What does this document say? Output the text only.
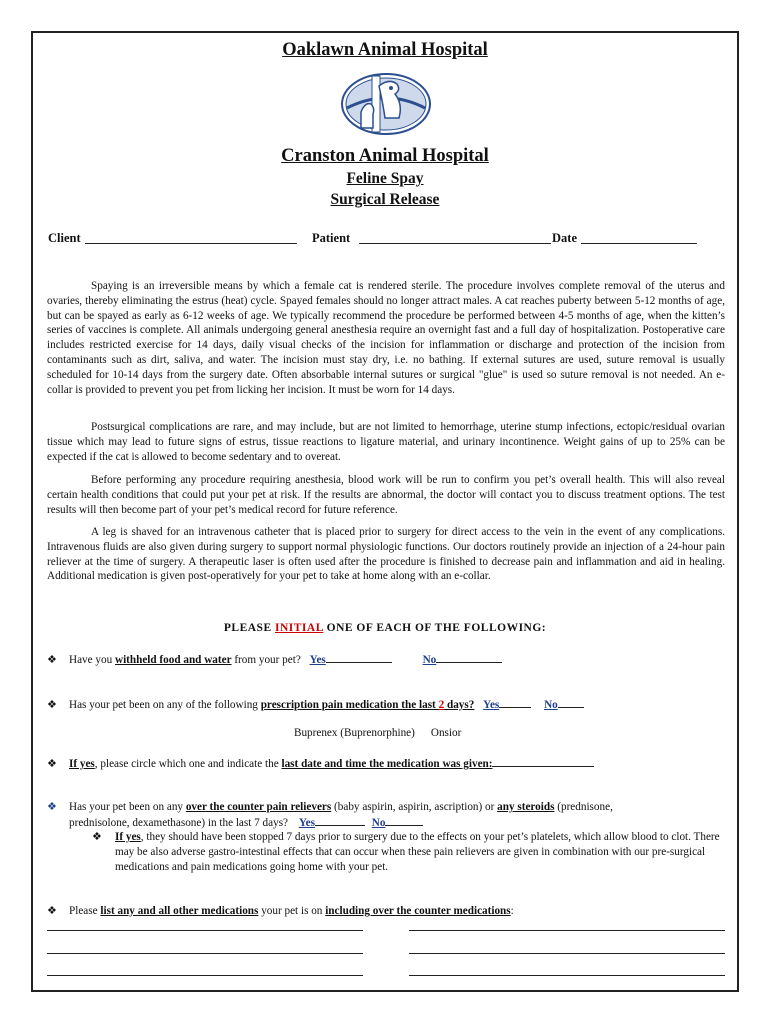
Oaklawn Animal Hospital
Cranston Animal Hospital
Feline Spay
Surgical Release
Client	Patient	Date

Spaying is an irreversible means by which a female cat is rendered sterile. The procedure involves complete removal of the uterus and ovaries, thereby eliminating the estrus (heat) cycle. Spayed females should no longer attract males. A cat reaches puberty between 5-12 months of age, but can be spayed as early as 6-12 weeks of age. We typically recommend the procedure be performed between 4-5 months of age, when the kitten’s series of vaccines is complete. All animals undergoing general anesthesia require an overnight fast and a full day of hospitalization. Postoperative care includes restricted exercise for 14 days, daily visual checks of the incision for inflammation or discharge and protection of the incision from contaminants such as dirt, saliva, and water. The incision must stay dry, i.e. no bathing. If external sutures are used, suture removal is usually scheduled for 10-14 days from the surgery date. Often absorbable internal sutures or surgical "glue" is used so suture removal is not needed. An e-collar is provided to prevent you pet from licking her incision. It must be worn for 14 days.

Postsurgical complications are rare, and may include, but are not limited to hemorrhage, uterine stump infections, ectopic/residual ovarian tissue which may lead to future signs of estrus, tissue reactions to ligature material, and urinary incontinence. Weight gains of up to 25% can be expected if the cat is allowed to become sedentary and to overeat.

Before performing any procedure requiring anesthesia, blood work will be run to confirm you pet’s overall health. This will also reveal certain health conditions that could put your pet at risk. If the results are abnormal, the doctor will contact you to discuss treatment options. The test results will then become part of your pet’s medical record for future reference.

A leg is shaved for an intravenous catheter that is placed prior to surgery for direct access to the vein in the event of any complications. Intravenous fluids are also given during surgery to support normal physiologic functions. Our doctors routinely provide an injection of a 24-hour pain reliever at the time of surgery. A therapeutic laser is often used after the procedure is finished to decrease pain and inflammation and aid in healing. Additional medication is given post-operatively for your pet to take at home along with an e-collar.

PLEASE INITIAL ONE OF EACH OF THE FOLLOWING:
❖ Have you withheld food and water from your pet? Yes	No
❖ Has your pet been on any of the following prescription pain medication the last 2 days? Yes	No
Buprenex (Buprenorphine) Onsior
❖ If yes, please circle which one and indicate the last date and time the medication was given:
❖ Has your pet been on any over the counter pain relievers (baby aspirin, aspirin, ascription) or any steroids (prednisone,
prednisolone, dexamethasone) in the last 7 days? Yes	No
❖	If yes, they should have been stopped 7 days prior to surgery due to the effects on your pet’s platelets, which allow blood to clot. There may be also adverse gastro-intestinal effects that can occur when these pain relievers are given in combination with our pre-surgical medications and pain medications going home with your pet.
❖ Please list any and all other medications your pet is on including over the counter medications:
